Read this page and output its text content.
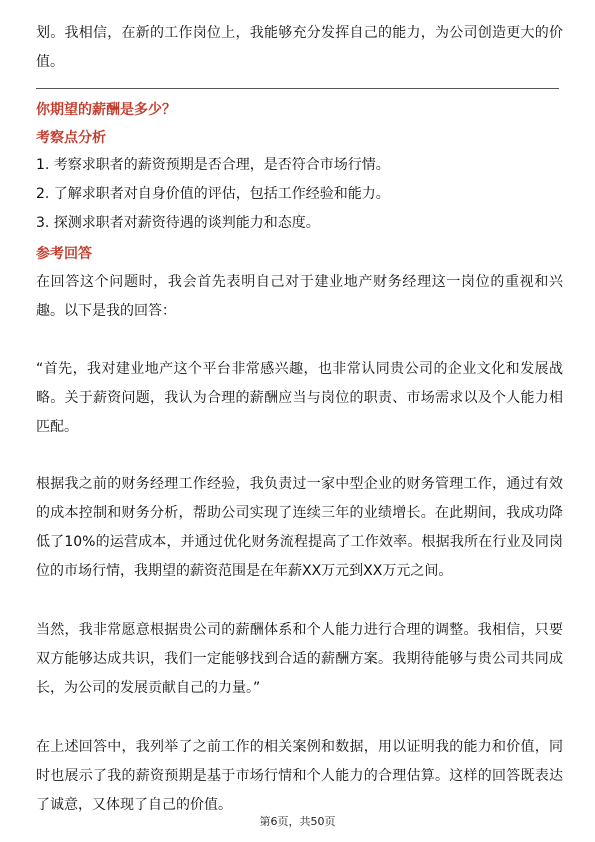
划。我相信，在新的工作岗位上，我能够充分发挥自己的能力，为公司创造更大的价值。

你期望的薪酬是多少？

考察点分析

1. 考察求职者的薪资预期是否合理，是否符合市场行情。

2. 了解求职者对自身价值的评估，包括工作经验和能力。

3. 探测求职者对薪资待遇的谈判能力和态度。

参考回答

在回答这个问题时，我会首先表明自己对于建业地产财务经理这一岗位的重视和兴趣。以下是我的回答：

“首先，我对建业地产这个平台非常感兴趣，也非常认同贵公司的企业文化和发展战略。关于薪资问题，我认为合理的薪酬应当与岗位的职责、市场需求以及个人能力相匹配。

根据我之前的财务经理工作经验，我负责过一家中型企业的财务管理工作，通过有效的成本控制和财务分析，帮助公司实现了连续三年的业绩增长。在此期间，我成功降低了10%的运营成本，并通过优化财务流程提高了工作效率。根据我所在行业及同岗位的市场行情，我期望的薪资范围是在年薪XX万元到XX万元之间。

当然，我非常愿意根据贵公司的薪酬体系和个人能力进行合理的调整。我相信，只要双方能够达成共识，我们一定能够找到合适的薪酬方案。我期待能够与贵公司共同成长，为公司的发展贡献自己的力量。”

在上述回答中，我列举了之前工作的相关案例和数据，用以证明我的能力和价值，同时也展示了我的薪资预期是基于市场行情和个人能力的合理估算。这样的回答既表达了诚意，又体现了自己的价值。

第6页，共50页
